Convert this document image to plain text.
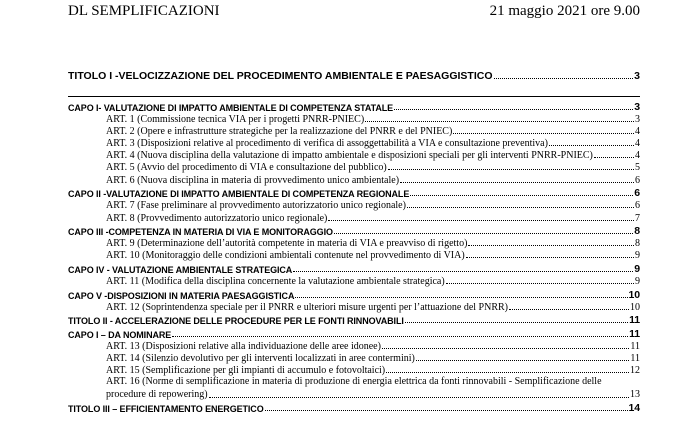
DL SEMPLIFICAZIONI	21 maggio 2021 ore 9.00
TITOLO I -VELOCIZZAZIONE DEL PROCEDIMENTO AMBIENTALE E PAESAGGISTICO	3
CAPO I- VALUTAZIONE DI IMPATTO AMBIENTALE DI COMPETENZA STATALE	3
ART. 1 (Commissione tecnica VIA per i progetti PNRR-PNIEC)	3
ART. 2 (Opere e infrastrutture strategiche per la realizzazione del PNRR e del PNIEC)	4
ART. 3 (Disposizioni relative al procedimento di verifica di assoggettabilità a VIA e consultazione preventiva)	4
ART. 4 (Nuova disciplina della valutazione di impatto ambientale e disposizioni speciali per gli interventi PNRR-PNIEC)	4
ART. 5 (Avvio del procedimento di VIA e consultazione del pubblico)	5
ART. 6 (Nuova disciplina in materia di provvedimento unico ambientale)	6
CAPO II -VALUTAZIONE DI IMPATTO AMBIENTALE DI COMPETENZA REGIONALE	6
ART. 7 (Fase preliminare al provvedimento autorizzatorio unico regionale)	6
ART. 8 (Provvedimento autorizzatorio unico regionale)	7
CAPO III -COMPETENZA IN MATERIA DI VIA E MONITORAGGIO	8
ART. 9 (Determinazione dell’autorità competente in materia di VIA e preavviso di rigetto)	8
ART. 10 (Monitoraggio delle condizioni ambientali contenute nel provvedimento di VIA)	9
CAPO IV - VALUTAZIONE AMBIENTALE STRATEGICA	9
ART. 11 (Modifica della disciplina concernente la valutazione ambientale strategica)	9
CAPO V -DISPOSIZIONI IN MATERIA PAESAGGISTICA	10
ART. 12 (Soprintendenza speciale per il PNRR e ulteriori misure urgenti per l’attuazione del PNRR)	10
TITOLO II - ACCELERAZIONE DELLE PROCEDURE PER LE FONTI RINNOVABILI	11
CAPO I – DA NOMINARE	11
ART. 13 (Disposizioni relative alla individuazione delle aree idonee)	11
ART. 14 (Silenzio devolutivo per gli interventi localizzati in aree contermini)	11
ART. 15 (Semplificazione per gli impianti di accumulo e fotovoltaici)	12
ART. 16 (Norme di semplificazione in materia di produzione di energia elettrica da fonti rinnovabili - Semplificazione delle
procedure di repowering)	13
TITOLO III – EFFICIENTAMENTO ENERGETICO	14
